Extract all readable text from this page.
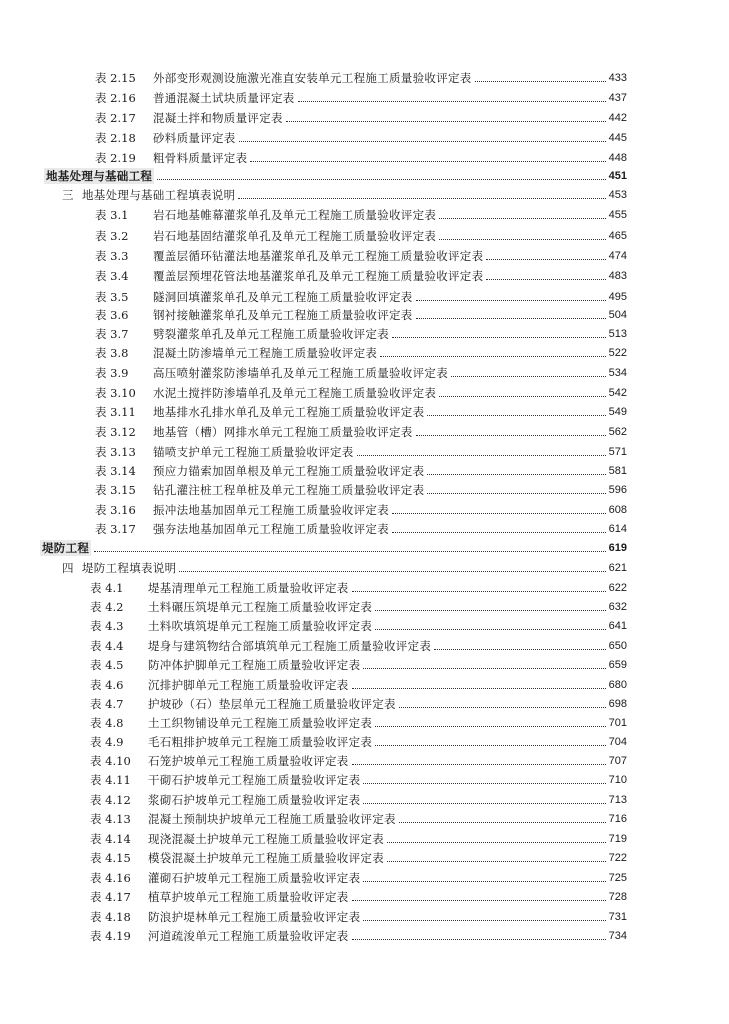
表 2.15	外部变形观测设施激光准直安装单元工程施工质量验收评定表	433
表 2.16	普通混凝土试块质量评定表	437
表 2.17	混凝土拌和物质量评定表	442
表 2.18	砂料质量评定表	445
表 2.19	粗骨料质量评定表	448
地基处理与基础工程	451
三 地基处理与基础工程填表说明	453
表 3.1	岩石地基帷幕灌浆单孔及单元工程施工质量验收评定表	455
表 3.2	岩石地基固结灌浆单孔及单元工程施工质量验收评定表	465
表 3.3	覆盖层循环钻灌法地基灌浆单孔及单元工程施工质量验收评定表	474
表 3.4	覆盖层预埋花管法地基灌浆单孔及单元工程施工质量验收评定表	483
表 3.5	隧洞回填灌浆单孔及单元工程施工质量验收评定表	495
表 3.6	钢衬接触灌浆单孔及单元工程施工质量验收评定表	504
表 3.7	劈裂灌浆单孔及单元工程施工质量验收评定表	513
表 3.8	混凝土防渗墙单元工程施工质量验收评定表	522
表 3.9	高压喷射灌浆防渗墙单孔及单元工程施工质量验收评定表	534
表 3.10	水泥土搅拌防渗墙单孔及单元工程施工质量验收评定表	542
表 3.11	地基排水孔排水单孔及单元工程施工质量验收评定表	549
表 3.12	地基管（槽）网排水单元工程施工质量验收评定表	562
表 3.13	锚喷支护单元工程施工质量验收评定表	571
表 3.14	预应力锚索加固单根及单元工程施工质量验收评定表	581
表 3.15	钻孔灌注桩工程单桩及单元工程施工质量验收评定表	596
表 3.16	振冲法地基加固单元工程施工质量验收评定表	608
表 3.17	强夯法地基加固单元工程施工质量验收评定表	614
堤防工程	619
四 堤防工程填表说明	621
表 4.1	堤基清理单元工程施工质量验收评定表	622
表 4.2	土料碾压筑堤单元工程施工质量验收评定表	632
表 4.3	土料吹填筑堤单元工程施工质量验收评定表	641
表 4.4	堤身与建筑物结合部填筑单元工程施工质量验收评定表	650
表 4.5	防冲体护脚单元工程施工质量验收评定表	659
表 4.6	沉排护脚单元工程施工质量验收评定表	680
表 4.7	护坡砂（石）垫层单元工程施工质量验收评定表	698
表 4.8	土工织物铺设单元工程施工质量验收评定表	701
表 4.9	毛石粗排护坡单元工程施工质量验收评定表	704
表 4.10	石笼护坡单元工程施工质量验收评定表	707
表 4.11	干砌石护坡单元工程施工质量验收评定表	710
表 4.12	浆砌石护坡单元工程施工质量验收评定表	713
表 4.13	混凝土预制块护坡单元工程施工质量验收评定表	716
表 4.14	现浇混凝土护坡单元工程施工质量验收评定表	719
表 4.15	模袋混凝土护坡单元工程施工质量验收评定表	722
表 4.16	灌砌石护坡单元工程施工质量验收评定表	725
表 4.17	植草护坡单元工程施工质量验收评定表	728
表 4.18	防浪护堤林单元工程施工质量验收评定表	731
表 4.19	河道疏浚单元工程施工质量验收评定表	734
